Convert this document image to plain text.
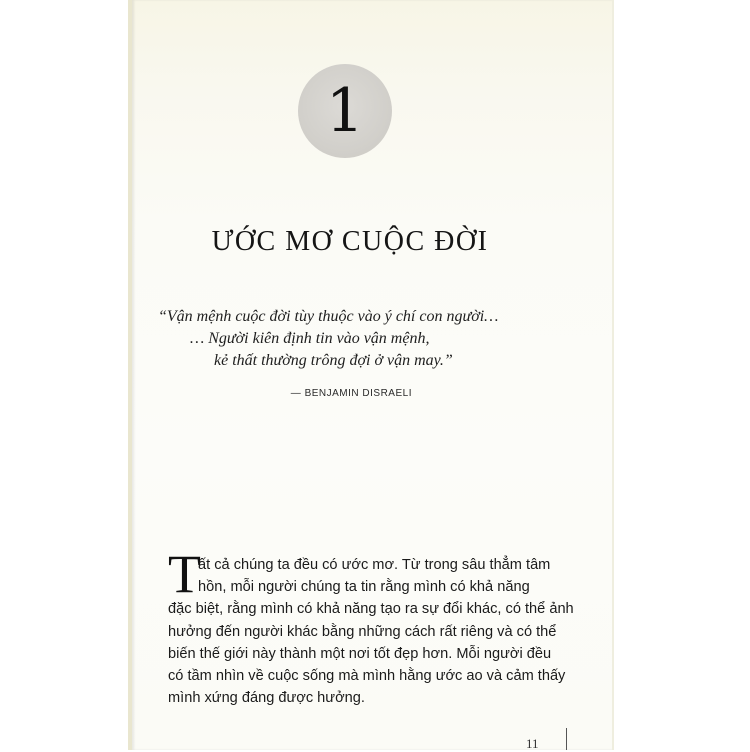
1
ƯỚC MƠ CUỘC ĐỜI
“Vận mệnh cuộc đời tùy thuộc vào ý chí con người…
… Người kiên định tin vào vận mệnh,
kẻ thất thường trông đợi ở vận may.”
— BENJAMIN DISRAELI
T
ất cả chúng ta đều có ước mơ. Từ trong sâu thẳm tâm
hồn, mỗi người chúng ta tin rằng mình có khả năng
đặc biệt, rằng mình có khả năng tạo ra sự đổi khác, có thể ảnh
hưởng đến người khác bằng những cách rất riêng và có thể
biến thế giới này thành một nơi tốt đẹp hơn. Mỗi người đều
có tầm nhìn về cuộc sống mà mình hằng ước ao và cảm thấy
mình xứng đáng được hưởng.
11
